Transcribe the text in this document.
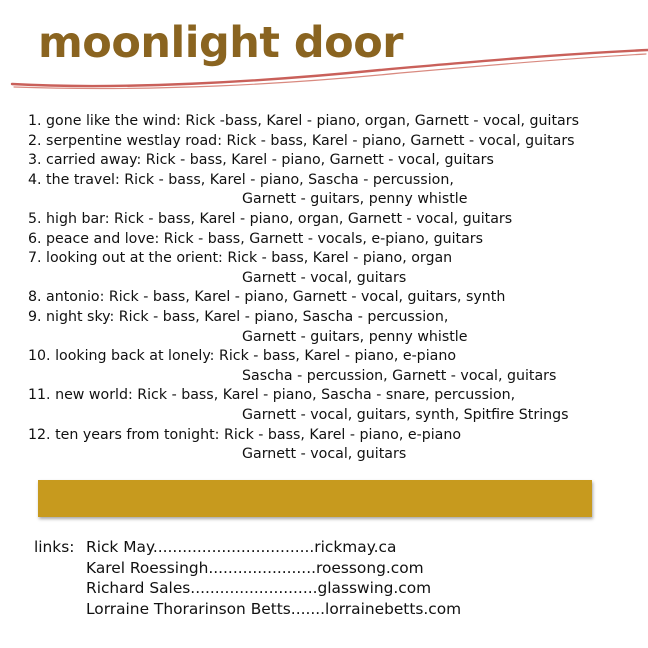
moonlight door
1. gone like the wind: Rick -bass, Karel - piano, organ, Garnett - vocal, guitars
2. serpentine westlay road: Rick - bass, Karel - piano, Garnett - vocal, guitars
3. carried away: Rick - bass, Karel - piano, Garnett - vocal, guitars
4. the travel: Rick - bass, Karel - piano, Sascha - percussion,
Garnett - guitars, penny whistle
5. high bar: Rick - bass, Karel - piano, organ, Garnett - vocal, guitars
6. peace and love: Rick - bass, Garnett - vocals, e-piano, guitars
7. looking out at the orient: Rick - bass, Karel - piano, organ
Garnett - vocal, guitars
8. antonio: Rick - bass, Karel - piano, Garnett - vocal, guitars, synth
9. night sky: Rick - bass, Karel - piano, Sascha - percussion,
Garnett - guitars, penny whistle
10. looking back at lonely: Rick - bass, Karel - piano, e-piano
Sascha - percussion, Garnett - vocal, guitars
11. new world: Rick - bass, Karel - piano, Sascha - snare, percussion,
Garnett - vocal, guitars, synth, Spitfire Strings
12. ten years from tonight: Rick - bass, Karel - piano, e-piano
Garnett - vocal, guitars
links: Rick May.................................rickmay.ca
Karel Roessingh......................roessong.com
Richard Sales..........................glasswing.com
Lorraine Thorarinson Betts.......lorrainebetts.com
